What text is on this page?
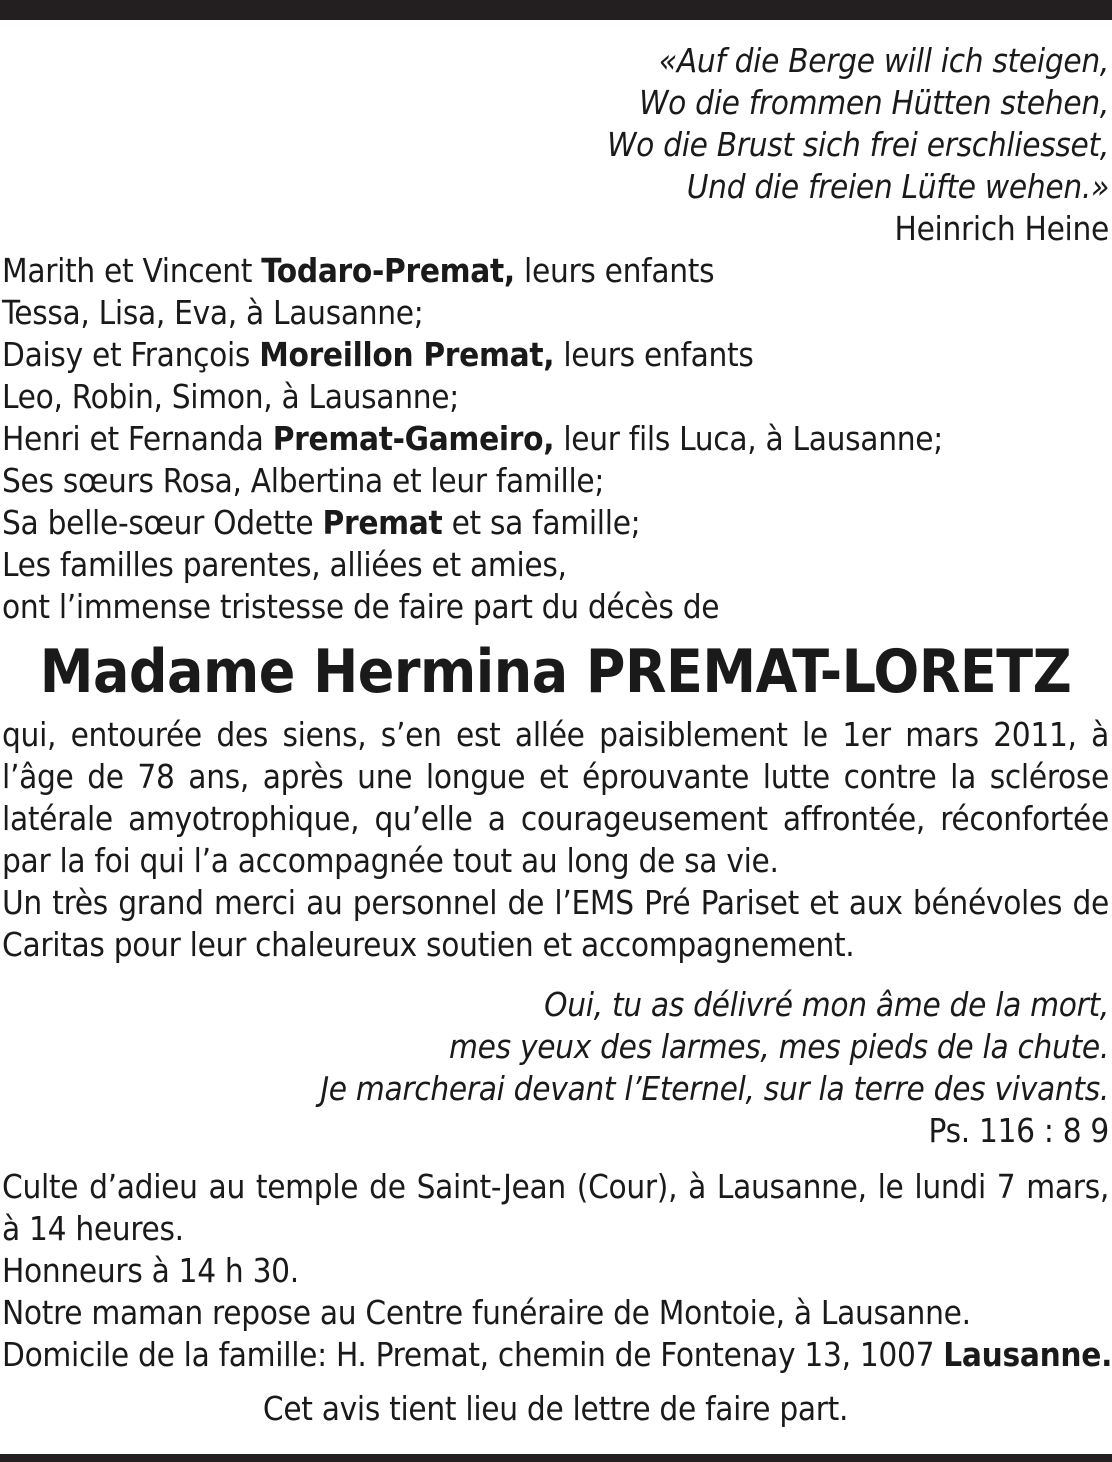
«Auf die Berge will ich steigen,
Wo die frommen Hütten stehen,
Wo die Brust sich frei erschliesset,
Und die freien Lüfte wehen.»
Heinrich Heine
Marith et Vincent Todaro-Premat, leurs enfants
Tessa, Lisa, Eva, à Lausanne;
Daisy et François Moreillon Premat, leurs enfants
Leo, Robin, Simon, à Lausanne;
Henri et Fernanda Premat-Gameiro, leur fils Luca, à Lausanne;
Ses sœurs Rosa, Albertina et leur famille;
Sa belle-sœur Odette Premat et sa famille;
Les familles parentes, alliées et amies,
ont l’immense tristesse de faire part du décès de
Madame Hermina PREMAT-LORETZ
qui, entourée des siens, s’en est allée paisiblement le 1er mars 2011, à l’âge de 78 ans, après une longue et éprouvante lutte contre la sclérose latérale amyotrophique, qu’elle a courageusement affrontée, réconfortée par la foi qui l’a accompagnée tout au long de sa vie.
Un très grand merci au personnel de l’EMS Pré Pariset et aux bénévoles de Caritas pour leur chaleureux soutien et accompagnement.
Oui, tu as délivré mon âme de la mort,
mes yeux des larmes, mes pieds de la chute.
Je marcherai devant l’Eternel, sur la terre des vivants.
Ps. 116 : 8 9
Culte d’adieu au temple de Saint-Jean (Cour), à Lausanne, le lundi 7 mars, à 14 heures.
Honneurs à 14 h 30.
Notre maman repose au Centre funéraire de Montoie, à Lausanne.
Domicile de la famille: H. Premat, chemin de Fontenay 13, 1007 Lausanne.
Cet avis tient lieu de lettre de faire part.
